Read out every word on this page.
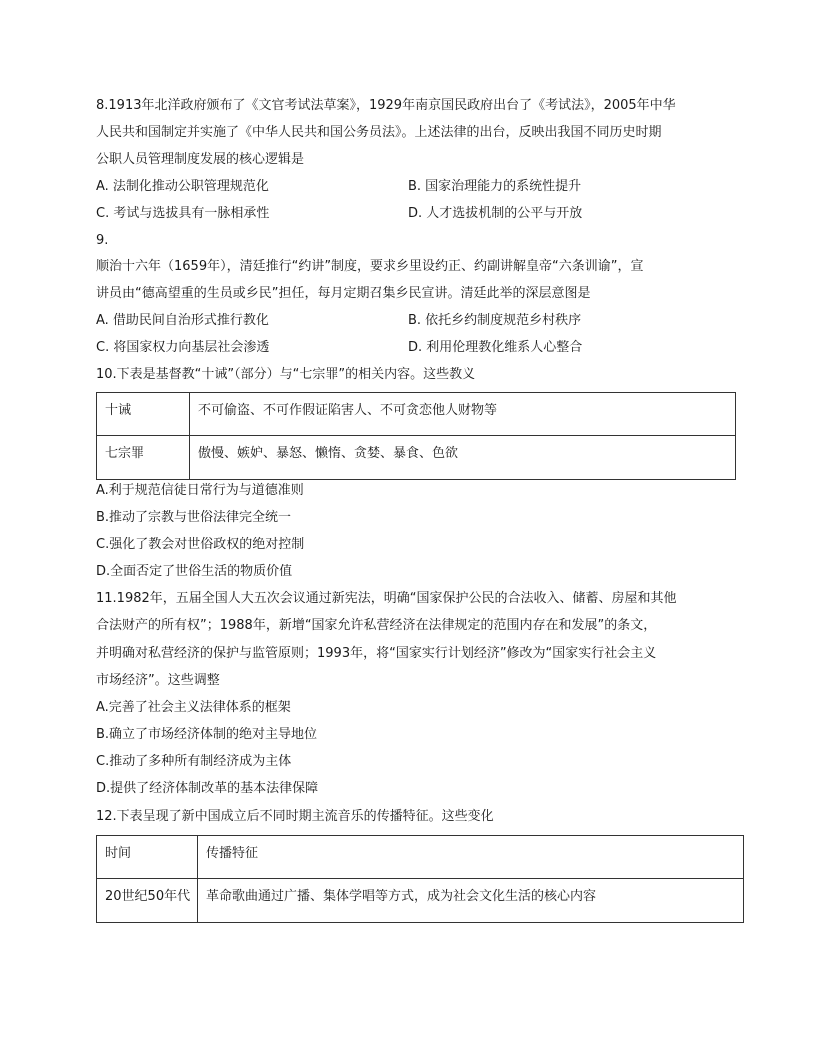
8.1913年北洋政府颁布了《文官考试法草案》，1929年南京国民政府出台了《考试法》，2005年中华
人民共和国制定并实施了《中华人民共和国公务员法》。上述法律的出台，反映出我国不同历史时期
公职人员管理制度发展的核心逻辑是
A. 法制化推动公职管理规范化	B. 国家治理能力的系统性提升
C. 考试与选拔具有一脉相承性	D. 人才选拔机制的公平与开放
9.
顺治十六年（1659年），清廷推行“约讲”制度，要求乡里设约正、约副讲解皇帝“六条训谕”，宣
讲员由“德高望重的生员或乡民”担任，每月定期召集乡民宣讲。清廷此举的深层意图是
A. 借助民间自治形式推行教化	B. 依托乡约制度规范乡村秩序
C. 将国家权力向基层社会渗透	D. 利用伦理教化维系人心整合
10.下表是基督教“十诫”（部分）与“七宗罪”的相关内容。这些教义
十诫	不可偷盗、不可作假证陷害人、不可贪恋他人财物等

七宗罪	傲慢、嫉妒、暴怒、懒惰、贪婪、暴食、色欲
A.利于规范信徒日常行为与道德准则
B.推动了宗教与世俗法律完全统一
C.强化了教会对世俗政权的绝对控制
D.全面否定了世俗生活的物质价值
11.1982年，五届全国人大五次会议通过新宪法，明确“国家保护公民的合法收入、储蓄、房屋和其他
合法财产的所有权”；1988年，新增“国家允许私营经济在法律规定的范围内存在和发展”的条文，
并明确对私营经济的保护与监管原则；1993年，将“国家实行计划经济”修改为“国家实行社会主义
市场经济”。这些调整
A.完善了社会主义法律体系的框架
B.确立了市场经济体制的绝对主导地位
C.推动了多种所有制经济成为主体
D.提供了经济体制改革的基本法律保障
12.下表呈现了新中国成立后不同时期主流音乐的传播特征。这些变化
时间	传播特征

20世纪50年代	革命歌曲通过广播、集体学唱等方式，成为社会文化生活的核心内容
